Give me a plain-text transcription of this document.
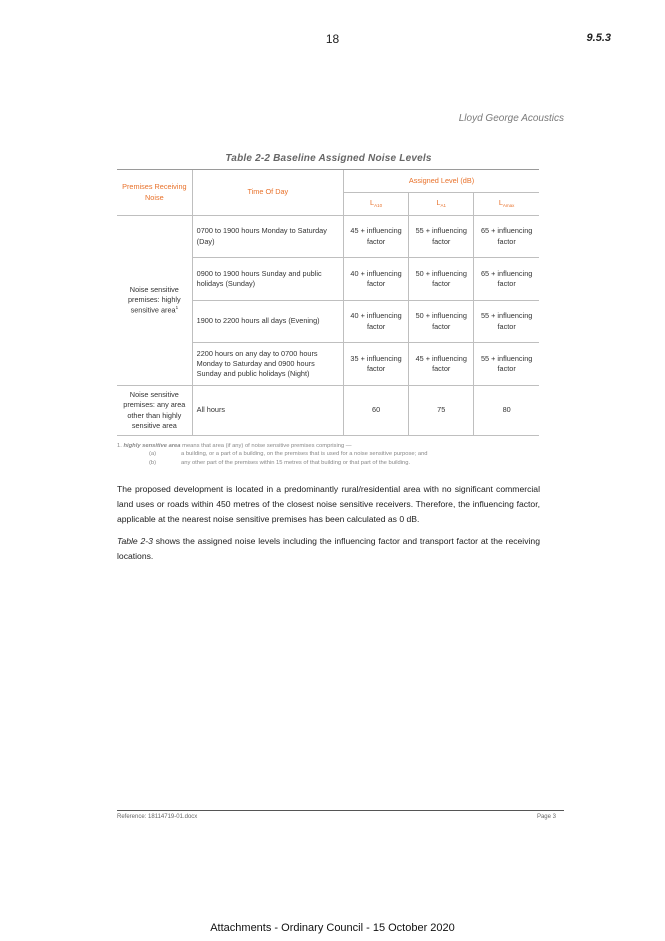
18	9.5.3
Lloyd George Acoustics
Table 2-2 Baseline Assigned Noise Levels
Premises Receiving Noise	Time Of Day	Assigned Level (dB)		
		$L_{A10}$	$L_{A1}$	$L_{Amax}$
Noise sensitive premises: highly sensitive area$^1$	0700 to 1900 hours Monday to Saturday (Day)	45 + influencing factor	55 + influencing factor	65 + influencing factor
	0900 to 1900 hours Sunday and public holidays (Sunday)	40 + influencing factor	50 + influencing factor	65 + influencing factor
	1900 to 2200 hours all days (Evening)	40 + influencing factor	50 + influencing factor	55 + influencing factor
	2200 hours on any day to 0700 hours Monday to Saturday and 0900 hours Sunday and public holidays (Night)	35 + influencing factor	45 + influencing factor	55 + influencing factor
Noise sensitive premises: any area other than highly sensitive area	All hours	60	75	80
1. highly sensitive area means that area (if any) of noise sensitive premises comprising —
(a)	a building, or a part of a building, on the premises that is used for a noise sensitive purpose; and
(b)	any other part of the premises within 15 metres of that building or that part of the building.

The proposed development is located in a predominantly rural/residential area with no significant commercial land uses or roads within 450 metres of the closest noise sensitive receivers. Therefore, the influencing factor, applicable at the nearest noise sensitive premises has been calculated as 0 dB.

Table 2-3 shows the assigned noise levels including the influencing factor and transport factor at the receiving locations.

Reference: 18114719-01.docx	Page 3
Attachments - Ordinary Council - 15 October 2020
